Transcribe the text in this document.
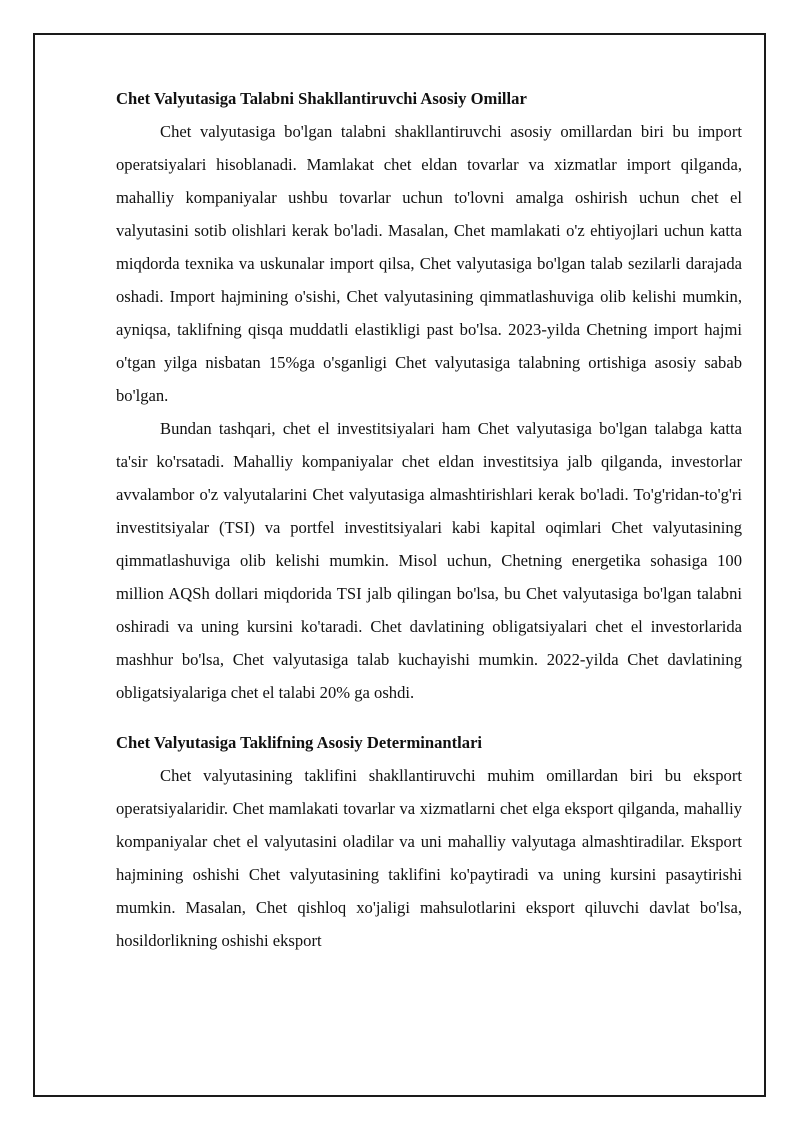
Chet Valyutasiga Talabni Shakllantiruvchi Asosiy Omillar

Chet valyutasiga bo'lgan talabni shakllantiruvchi asosiy omillardan biri bu import operatsiyalari hisoblanadi. Mamlakat chet eldan tovarlar va xizmatlar import qilganda, mahalliy kompaniyalar ushbu tovarlar uchun to'lovni amalga oshirish uchun chet el valyutasini sotib olishlari kerak bo'ladi. Masalan, Chet mamlakati o'z ehtiyojlari uchun katta miqdorda texnika va uskunalar import qilsa, Chet valyutasiga bo'lgan talab sezilarli darajada oshadi. Import hajmining o'sishi, Chet valyutasining qimmatlashuviga olib kelishi mumkin, ayniqsa, taklifning qisqa muddatli elastikligi past bo'lsa. 2023-yilda Chetning import hajmi o'tgan yilga nisbatan 15%ga o'sganligi Chet valyutasiga talabning ortishiga asosiy sabab bo'lgan.

Bundan tashqari, chet el investitsiyalari ham Chet valyutasiga bo'lgan talabga katta ta'sir ko'rsatadi. Mahalliy kompaniyalar chet eldan investitsiya jalb qilganda, investorlar avvalambor o'z valyutalarini Chet valyutasiga almashtirishlari kerak bo'ladi. To'g'ridan-to'g'ri investitsiyalar (TSI) va portfel investitsiyalari kabi kapital oqimlari Chet valyutasining qimmatlashuviga olib kelishi mumkin. Misol uchun, Chetning energetika sohasiga 100 million AQSh dollari miqdorida TSI jalb qilingan bo'lsa, bu Chet valyutasiga bo'lgan talabni oshiradi va uning kursini ko'taradi. Chet davlatining obligatsiyalari chet el investorlarida mashhur bo'lsa, Chet valyutasiga talab kuchayishi mumkin. 2022-yilda Chet davlatining obligatsiyalariga chet el talabi 20% ga oshdi.

Chet Valyutasiga Taklifning Asosiy Determinantlari

Chet valyutasining taklifini shakllantiruvchi muhim omillardan biri bu eksport operatsiyalaridir. Chet mamlakati tovarlar va xizmatlarni chet elga eksport qilganda, mahalliy kompaniyalar chet el valyutasini oladilar va uni mahalliy valyutaga almashtiradilar. Eksport hajmining oshishi Chet valyutasining taklifini ko'paytiradi va uning kursini pasaytirishi mumkin. Masalan, Chet qishloq xo'jaligi mahsulotlarini eksport qiluvchi davlat bo'lsa, hosildorlikning oshishi eksport
